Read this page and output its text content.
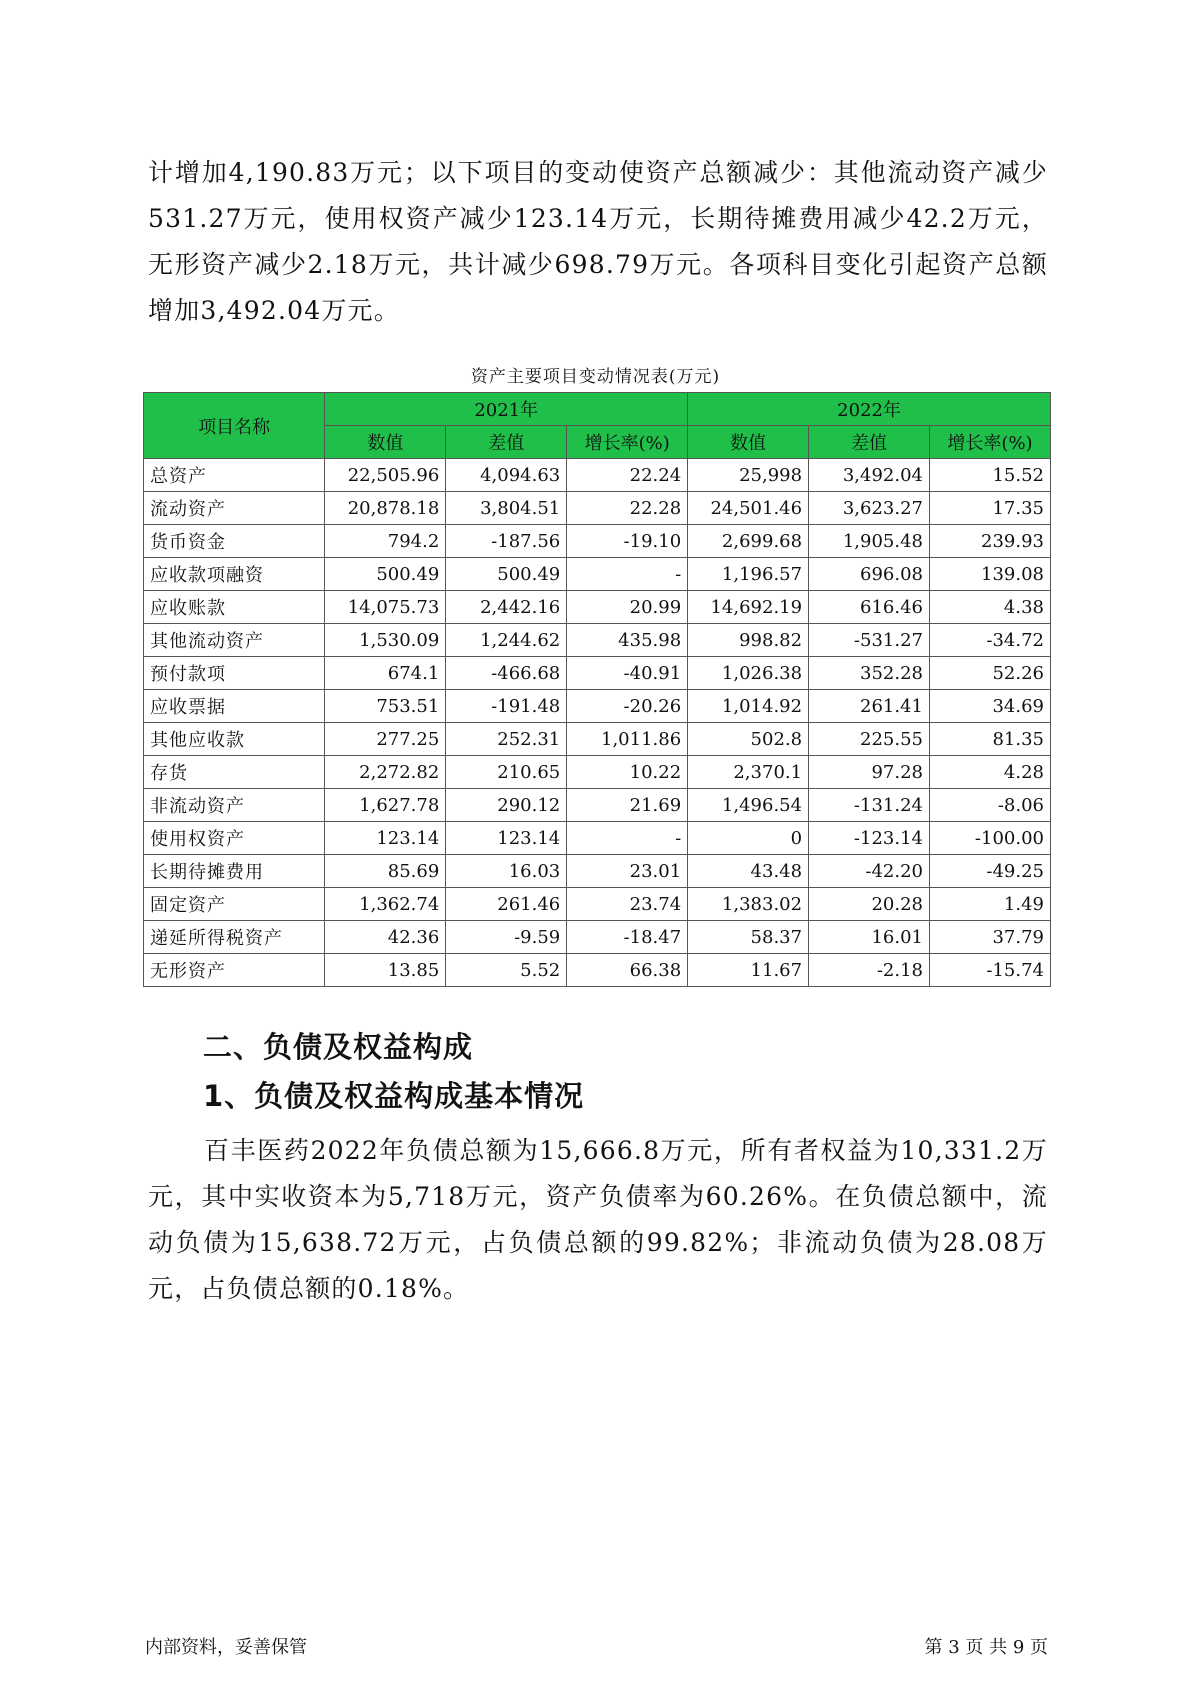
计增加4,190.83万元；以下项目的变动使资产总额减少：其他流动资产减少531.27万元，使用权资产减少123.14万元，长期待摊费用减少42.2万元，无形资产减少2.18万元，共计减少698.79万元。各项科目变化引起资产总额增加3,492.04万元。

资产主要项目变动情况表(万元)
项目名称	2021年			2022年		
	数值	差值	增长率(%)	数值	差值	增长率(%)
总资产	22,505.96	4,094.63	22.24	25,998	3,492.04	15.52
流动资产	20,878.18	3,804.51	22.28	24,501.46	3,623.27	17.35
货币资金	794.2	-187.56	-19.10	2,699.68	1,905.48	239.93
应收款项融资	500.49	500.49	-	1,196.57	696.08	139.08
应收账款	14,075.73	2,442.16	20.99	14,692.19	616.46	4.38
其他流动资产	1,530.09	1,244.62	435.98	998.82	-531.27	-34.72
预付款项	674.1	-466.68	-40.91	1,026.38	352.28	52.26
应收票据	753.51	-191.48	-20.26	1,014.92	261.41	34.69
其他应收款	277.25	252.31	1,011.86	502.8	225.55	81.35
存货	2,272.82	210.65	10.22	2,370.1	97.28	4.28
非流动资产	1,627.78	290.12	21.69	1,496.54	-131.24	-8.06
使用权资产	123.14	123.14	-	0	-123.14	-100.00
长期待摊费用	85.69	16.03	23.01	43.48	-42.20	-49.25
固定资产	1,362.74	261.46	23.74	1,383.02	20.28	1.49
递延所得税资产	42.36	-9.59	-18.47	58.37	16.01	37.79
无形资产	13.85	5.52	66.38	11.67	-2.18	-15.74
二、负债及权益构成
1、负债及权益构成基本情况

百丰医药2022年负债总额为15,666.8万元，所有者权益为10,331.2万元，其中实收资本为5,718万元，资产负债率为60.26%。在负债总额中，流动负债为15,638.72万元，占负债总额的99.82%；非流动负债为28.08万元，占负债总额的0.18%。

内部资料，妥善保管	第 3 页 共 9 页
